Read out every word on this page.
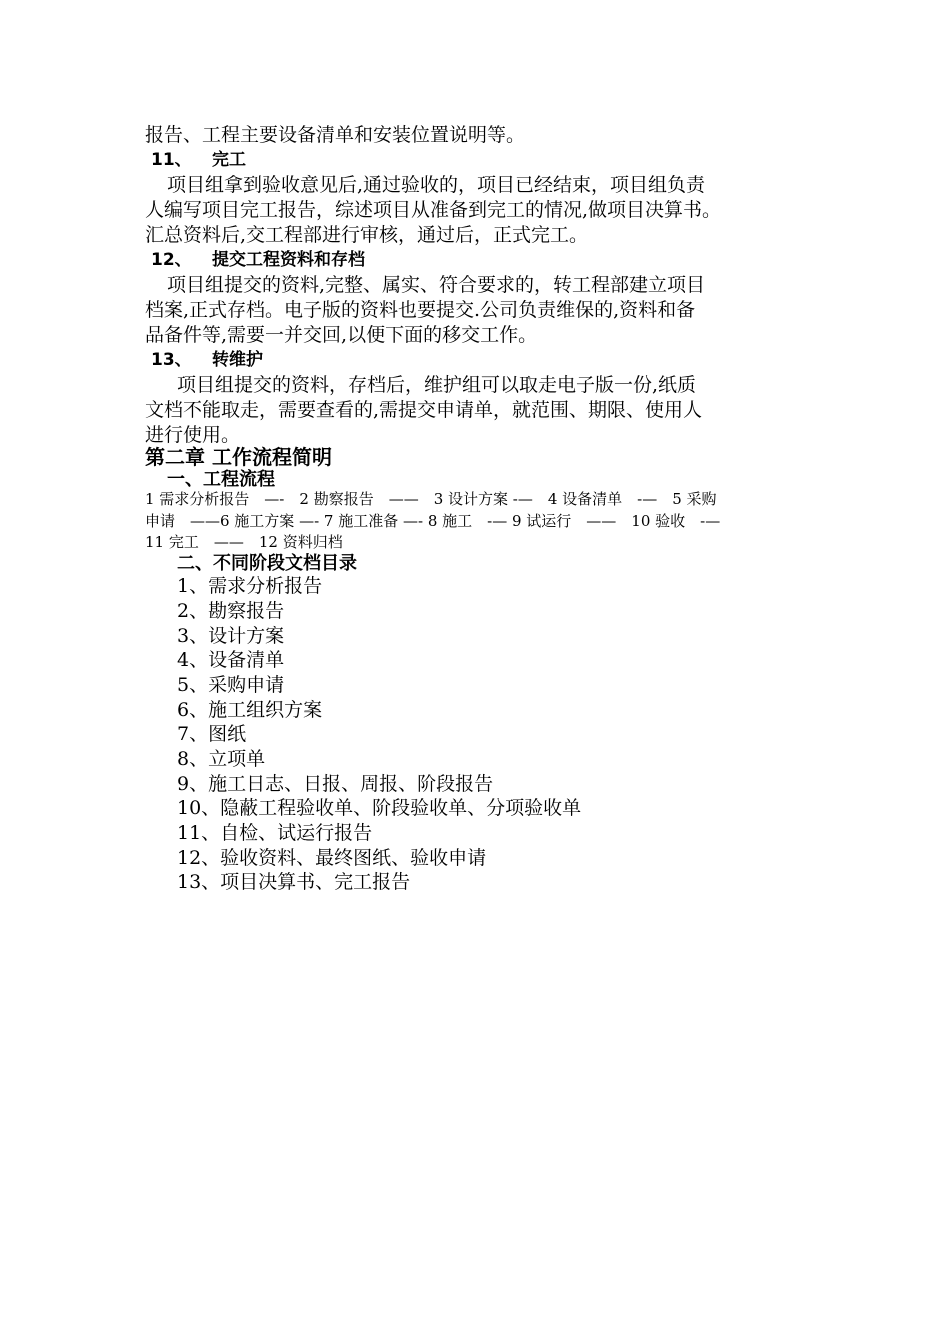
报告、工程主要设备清单和安装位置说明等。
11、 完工
项目组拿到验收意见后,通过验收的，项目已经结束，项目组负责
人编写项目完工报告，综述项目从准备到完工的情况,做项目决算书。
汇总资料后,交工程部进行审核，通过后，正式完工。
12、 提交工程资料和存档
项目组提交的资料,完整、属实、符合要求的，转工程部建立项目
档案,正式存档。电子版的资料也要提交.公司负责维保的,资料和备
品备件等,需要一并交回,以便下面的移交工作。
13、 转维护
项目组提交的资料，存档后，维护组可以取走电子版一份,纸质
文档不能取走，需要查看的,需提交申请单，就范围、期限、使用人
进行使用。
第二章 工作流程简明
一、工程流程
1 需求分析报告　—-　2 勘察报告　——　3 设计方案 -—　4 设备清单　-—　5 采购
申请　——6 施工方案 —- 7 施工准备 —- 8 施工　-— 9 试运行　——　10 验收　-—
11 完工　——　12 资料归档
二、不同阶段文档目录
1、需求分析报告
2、勘察报告
3、设计方案
4、设备清单
5、采购申请
6、施工组织方案
7、图纸
8、立项单
9、施工日志、日报、周报、阶段报告
10、隐蔽工程验收单、阶段验收单、分项验收单
11、自检、试运行报告
12、验收资料、最终图纸、验收申请
13、项目决算书、完工报告
